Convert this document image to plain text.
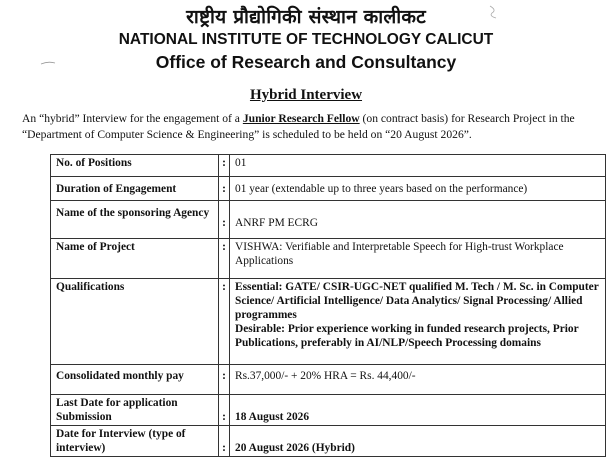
राष्ट्रीय प्रौद्योगिकी संस्थान कालीकट
NATIONAL INSTITUTE OF TECHNOLOGY CALICUT
Office of Research and Consultancy
Hybrid Interview
An “hybrid” Interview for the engagement of a Junior Research Fellow (on contract basis) for Research Project in the “Department of Computer Science & Engineering” is scheduled to be held on “20 August 2026”.
No. of Positions	:	01
Duration of Engagement	:	01 year (extendable up to three years based on the performance)
Name of the sponsoring Agency	:	ANRF PM ECRG
Name of Project	:	VISHWA: Verifiable and Interpretable Speech for High-trust Workplace Applications
Qualifications	:	Essential: GATE/ CSIR-UGC-NET qualified M. Tech / M. Sc. in Computer Science/ Artificial Intelligence/ Data Analytics/ Signal Processing/ Allied programmes
Desirable: Prior experience working in funded research projects, Prior Publications, preferably in AI/NLP/Speech Processing domains

Consolidated monthly pay	:	Rs.37,000/- + 20% HRA = Rs. 44,400/-
Last Date for application Submission	:	18 August 2026
Date for Interview (type of interview)	:	20 August 2026 (Hybrid)
